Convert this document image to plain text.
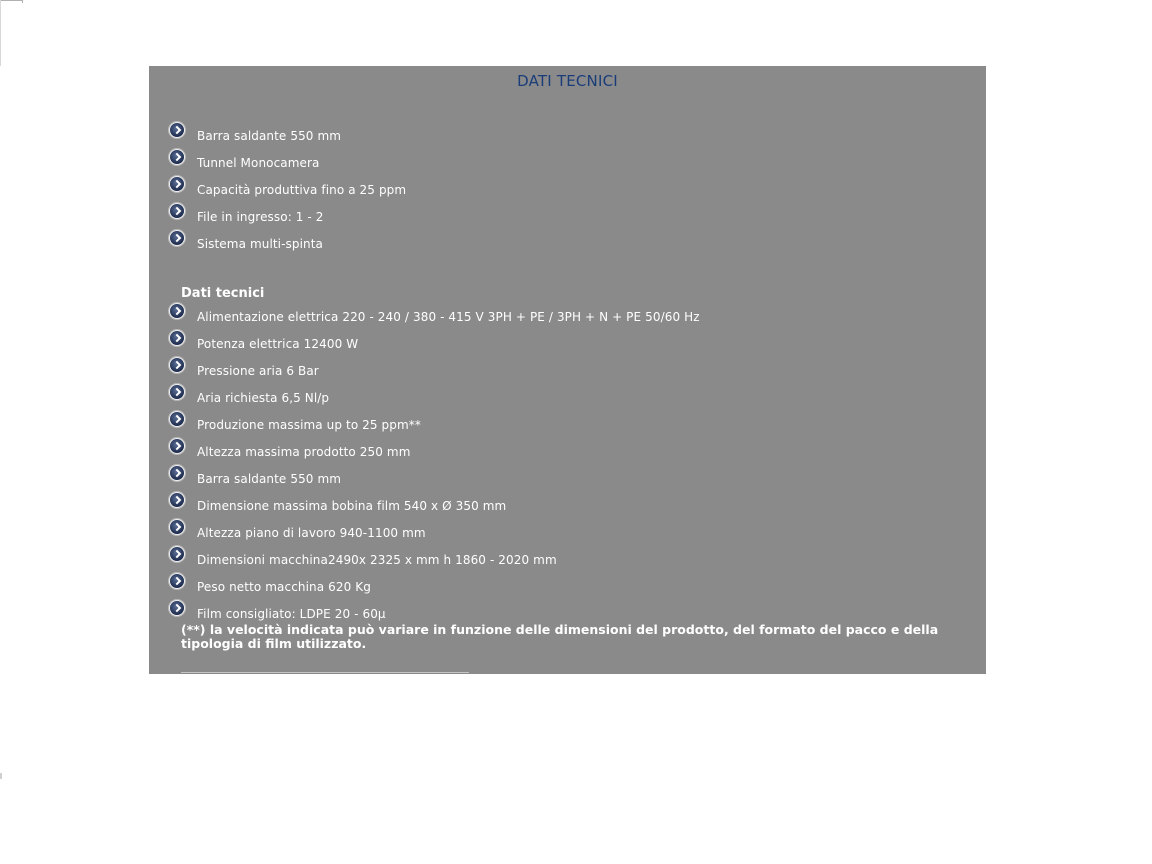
DATI TECNICI
Barra saldante 550 mm
Tunnel Monocamera
Capacità produttiva fino a 25 ppm
File in ingresso: 1 - 2
Sistema multi-spinta
Dati tecnici
Alimentazione elettrica 220 - 240 / 380 - 415 V 3PH + PE / 3PH + N + PE 50/60 Hz
Potenza elettrica 12400 W
Pressione aria 6 Bar
Aria richiesta 6,5 Nl/p
Produzione massima up to 25 ppm**
Altezza massima prodotto 250 mm
Barra saldante 550 mm
Dimensione massima bobina film 540 x Ø 350 mm
Altezza piano di lavoro 940-1100 mm
Dimensioni macchina2490x 2325 x mm h 1860 - 2020 mm
Peso netto macchina 620 Kg
Film consigliato: LDPE 20 - 60µ
(**) la velocità indicata può variare in funzione delle dimensioni del prodotto, del formato del pacco e della tipologia di film utilizzato.
